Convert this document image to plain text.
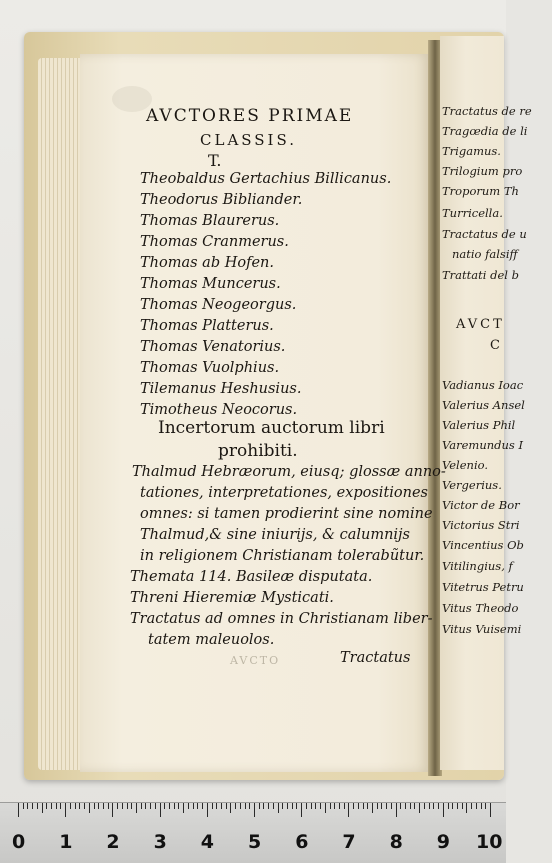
AVCTORES PRIMAE
CLASSIS.
T.
Theobaldus Gertachius Billicanus.
Theodorus Bibliander.
Thomas Blaurerus.
Thomas Cranmerus.
Thomas ab Hofen.
Thomas Muncerus.
Thomas Neogeorgus.
Thomas Platterus.
Thomas Venatorius.
Thomas Vuolphius.
Tilemanus Heshusius.
Timotheus Neocorus.
Incertorum auctorum libri
prohibiti.
Thalmud Hebræorum, eiusq; glossæ anno-
tationes, interpretationes, expositiones
omnes: si tamen prodierint sine nomine
Thalmud,& sine iniurijs, & calumnijs
in religionem Christianam tolerabũtur.
Themata 114. Basileæ disputata.
Threni Hieremiæ Mysticati.
Tractatus ad omnes in Christianam liber-
tatem maleuolos.
AVCTO	Tractatus
Tractatus de re
Tragœdia de li
Trigamus.
Trilogium pro
Troporum Th
Turricella.
Tractatus de u
natio falsiff
Trattati del b
AVCT
C
Vadianus Ioac
Valerius Ansel
Valerius Phil
Varemundus I
Velenio.
Vergerius.
Victor de Bor
Victorius Stri
Vincentius Ob
Vitilingius, f
Vitetrus Petru
Vitus Theodo
Vitus Vuisemi
0 1 2 3 4 5 6 7 8 9 10
